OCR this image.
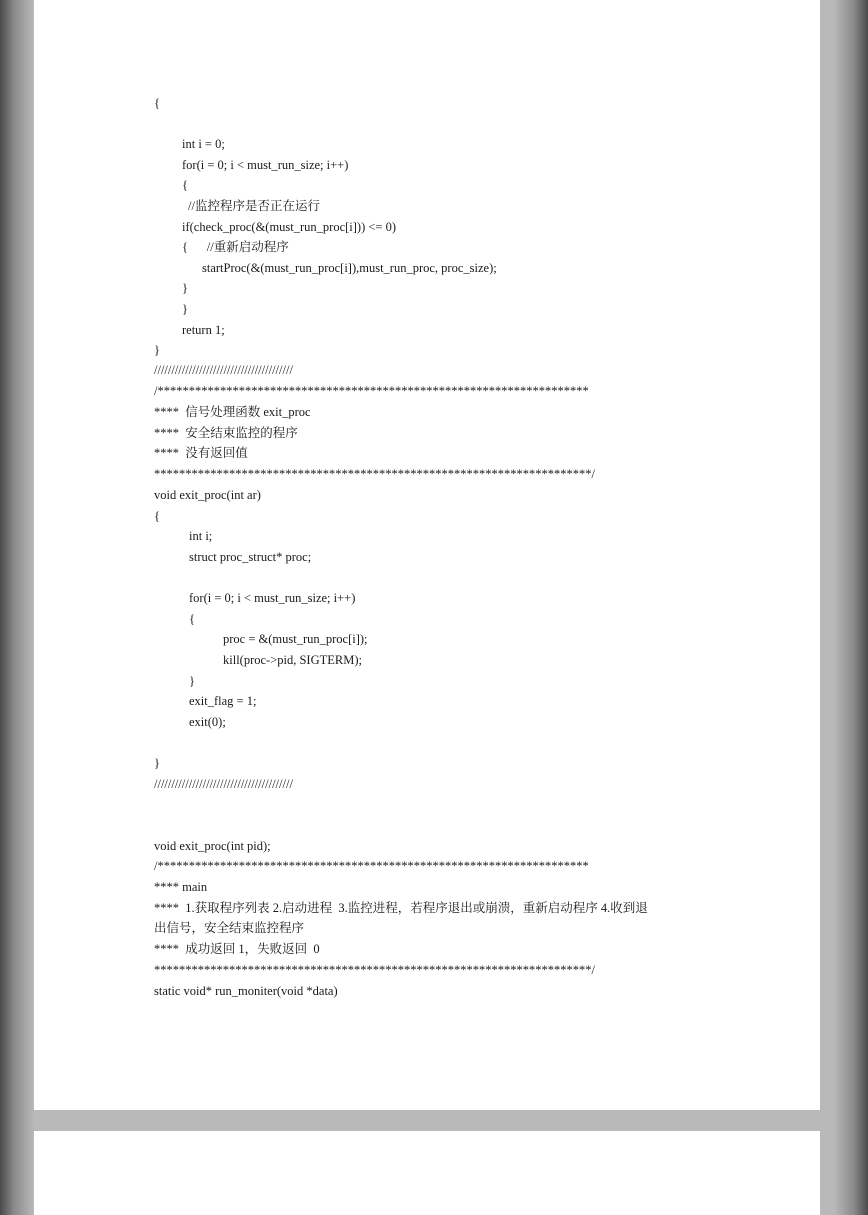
{
int i = 0;
for(i = 0; i < must_run_size; i++)
{
//监控程序是否正在运行
if(check_proc(&(must_run_proc[i])) <= 0)
{      //重新启动程序
startProc(&(must_run_proc[i]),must_run_proc, proc_size);
}
}
return 1;
}
////////////////////////////////////////
/*********************************************************************
****  信号处理函数 exit_proc
****  安全结束监控的程序
****  没有返回值
**********************************************************************/
void exit_proc(int ar)
{
int i;
struct proc_struct* proc;
for(i = 0; i < must_run_size; i++)
{
proc = &(must_run_proc[i]);
kill(proc->pid, SIGTERM);
}
exit_flag = 1;
exit(0);
}
////////////////////////////////////////
void exit_proc(int pid);
/*********************************************************************
**** main
****  1.获取程序列表 2.启动进程  3.监控进程，若程序退出或崩溃，重新启动程序 4.收到退
出信号，安全结束监控程序
****  成功返回 1，失败返回  0
**********************************************************************/
static void* run_moniter(void *data)
